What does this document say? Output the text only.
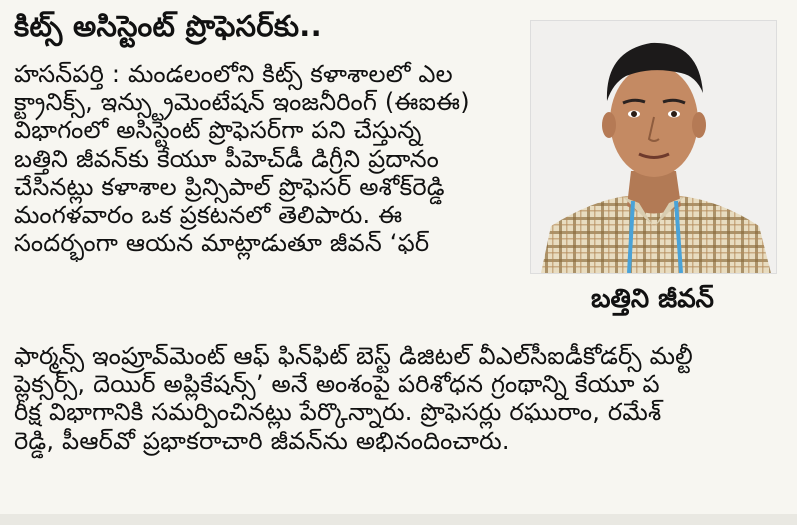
కిట్స్ అసిస్టెంట్ ప్రొఫెసర్‌కు..
హసన్‌పర్తి : మండలంలోని కిట్స్ కళాశాలలో ఎల
క్ట్రానిక్స్, ఇన్స్ట్రుమెంటేషన్ ఇంజనీరింగ్ (ఈఐఈ)
విభాగంలో అసిస్టెంట్ ప్రొఫెసర్‌గా పని చేస్తున్న
బత్తిని జీవన్‌కు కేయూ పీహెచ్‌డీ డిగ్రీని ప్రదానం
చేసినట్లు కళాశాల ప్రిన్సిపాల్ ప్రొఫెసర్ అశోక్‌రెడ్డి
మంగళవారం ఒక ప్రకటనలో తెలిపారు. ఈ
సందర్భంగా ఆయన మాట్లాడుతూ జీవన్ ‘ఫర్
ఫార్మన్స్ ఇంప్రూవ్‌మెంట్ ఆఫ్ ఫిన్‌ఫిట్ బెస్ట్ డిజిటల్ వీఎల్‌సీఐడీకోడర్స్ మల్టీ
ప్లెక్సర్స్, దెయిర్ అప్లికేషన్స్’ అనే అంశంపై పరిశోధన గ్రంథాన్ని కేయూ ప
రీక్ష విభాగానికి సమర్పించినట్లు పేర్కొన్నారు. ప్రొఫెసర్లు రఘురాం, రమేశ్
రెడ్డి, పీఆర్‌వో ప్రభాకరాచారి జీవన్‌ను అభినందించారు.
బత్తిని జీవన్
